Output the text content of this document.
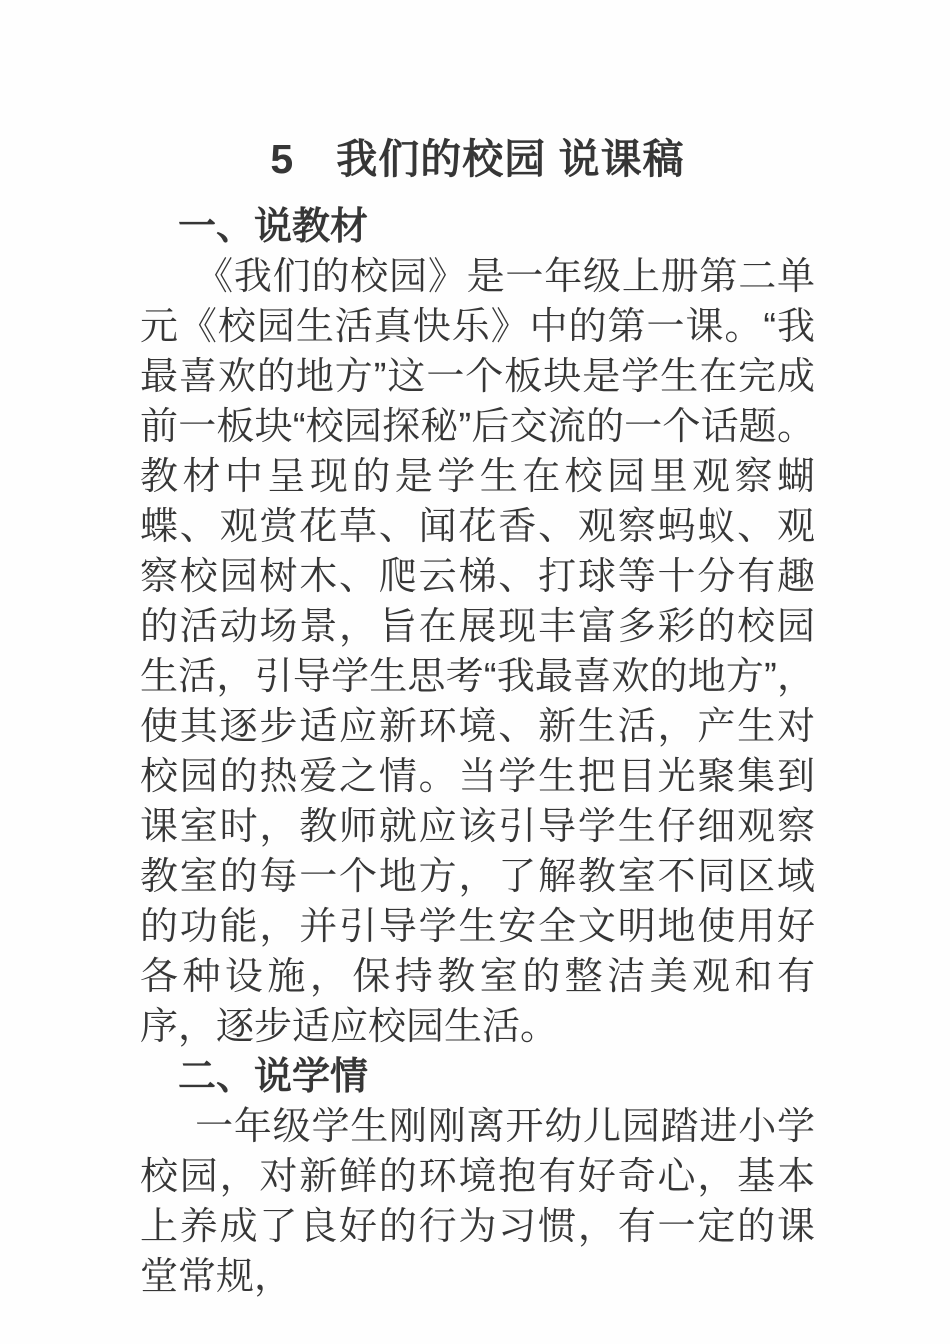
5　我们的校园 说课稿
一、说教材

《我们的校园》是一年级上册第二单元《校园生活真快乐》中的第一课。“我最喜欢的地方”这一个板块是学生在完成前一板块“校园探秘”后交流的一个话题。教材中呈现的是学生在校园里观察蝴蝶、观赏花草、闻花香、观察蚂蚁、观察校园树木、爬云梯、打球等十分有趣的活动场景，旨在展现丰富多彩的校园生活，引导学生思考“我最喜欢的地方”，使其逐步适应新环境、新生活，产生对校园的热爱之情。当学生把目光聚集到课室时，教师就应该引导学生仔细观察教室的每一个地方，了解教室不同区域的功能，并引导学生安全文明地使用好各种设施，保持教室的整洁美观和有序，逐步适应校园生活。

二、说学情

一年级学生刚刚离开幼儿园踏进小学校园，对新鲜的环境抱有好奇心，基本上养成了良好的行为习惯，有一定的课堂常规，
